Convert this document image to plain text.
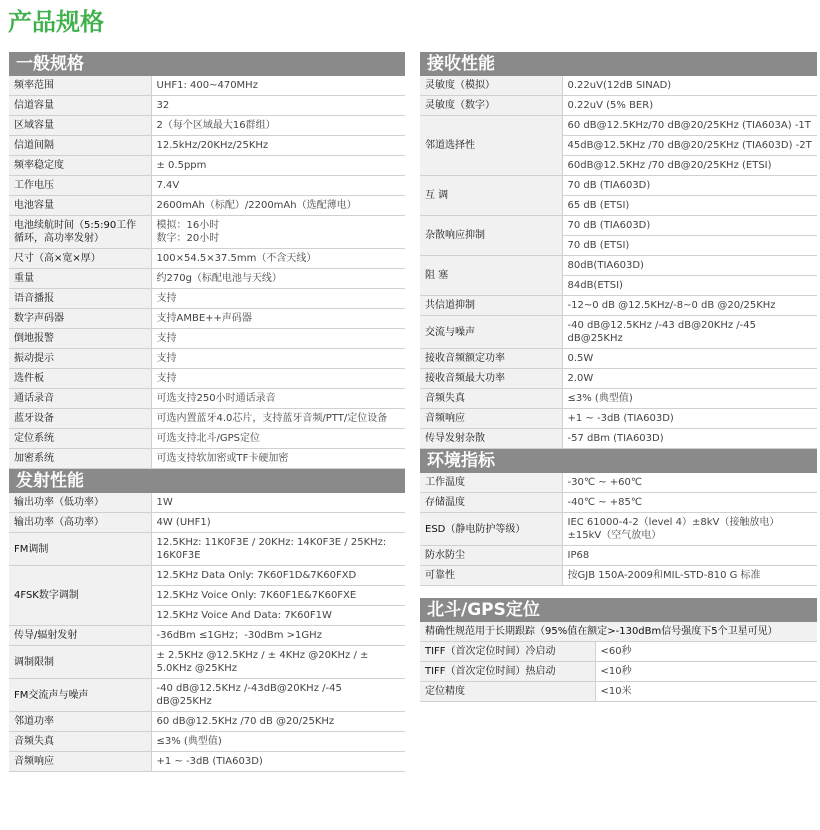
产品规格
一般规格
频率范围	UHF1: 400~470MHz

信道容量	32

区域容量	2（每个区域最大16群组）

信道间隔	12.5kHz/20KHz/25KHz

频率稳定度	± 0.5ppm

工作电压	7.4V

电池容量	2600mAh（标配）/2200mAh（选配薄电）

电池续航时间（5:5:90工作循环，高功率发射）	模拟：16小时
数字：20小时

尺寸（高×宽×厚）	100×54.5×37.5mm（不含天线）

重量	约270g（标配电池与天线）

语音播报	支持

数字声码器	支持AMBE++声码器

倒地报警	支持

振动提示	支持

选件板	支持

通话录音	可选支持250小时通话录音

蓝牙设备	可选内置蓝牙4.0芯片，支持蓝牙音频/PTT/定位设备

定位系统	可选支持北斗/GPS定位

加密系统	可选支持软加密或TF卡硬加密
发射性能
输出功率（低功率）	1W
输出功率（高功率）	4W (UHF1)
FM调制	12.5KHz: 11K0F3E / 20KHz: 14K0F3E / 25KHz: 16K0F3E
4FSK数字调制	12.5KHz Data Only: 7K60F1D&7K60FXD
12.5KHz Voice Only: 7K60F1E&7K60FXE
12.5KHz Voice And Data: 7K60F1W

传导/辐射发射	-36dBm ≤1GHz；-30dBm >1GHz
调制限制	± 2.5KHz @12.5KHz / ± 4KHz @20KHz / ± 5.0KHz @25KHz
FM交流声与噪声	-40 dB@12.5KHz /-43dB@20KHz /-45 dB@25KHz
邻道功率	60 dB@12.5KHz /70 dB @20/25KHz
音频失真	≤3% (典型值)
音频响应	+1 ~ -3dB (TIA603D)
接收性能
灵敏度（模拟）	0.22uV(12dB SINAD)
灵敏度（数字）	0.22uV (5% BER)
邻道选择性	60 dB@12.5KHz/70 dB@20/25KHz (TIA603A) -1T
45dB@12.5KHz /70 dB@20/25KHz (TIA603D) -2T
60dB@12.5KHz /70 dB@20/25KHz (ETSI)

互 调	70 dB (TIA603D)
65 dB (ETSI)

杂散响应抑制	70 dB (TIA603D)
70 dB (ETSI)

阻 塞	80dB(TIA603D)
84dB(ETSI)

共信道抑制	-12~0 dB @12.5KHz/-8~0 dB @20/25KHz
交流与噪声	-40 dB@12.5KHz /-43 dB@20KHz /-45 dB@25KHz
接收音频额定功率	0.5W
接收音频最大功率	2.0W
音频失真	≤3% (典型值)
音频响应	+1 ~ -3dB (TIA603D)
传导发射杂散	-57 dBm (TIA603D)
环境指标
工作温度	-30℃ ~ +60℃
存储温度	-40℃ ~ +85℃
ESD（静电防护等级）	IEC 61000-4-2（level 4）±8kV（接触放电）±15kV（空气放电）
防水防尘	IP68
可靠性	按GJB 150A-2009和MIL-STD-810 G 标准
北斗/GPS定位
精确性规范用于长期跟踪（95%值在额定>-130dBm信号强度下5个卫星可见）
TIFF（首次定位时间）冷启动	<60秒
TIFF（首次定位时间）热启动	<10秒
定位精度	<10米
